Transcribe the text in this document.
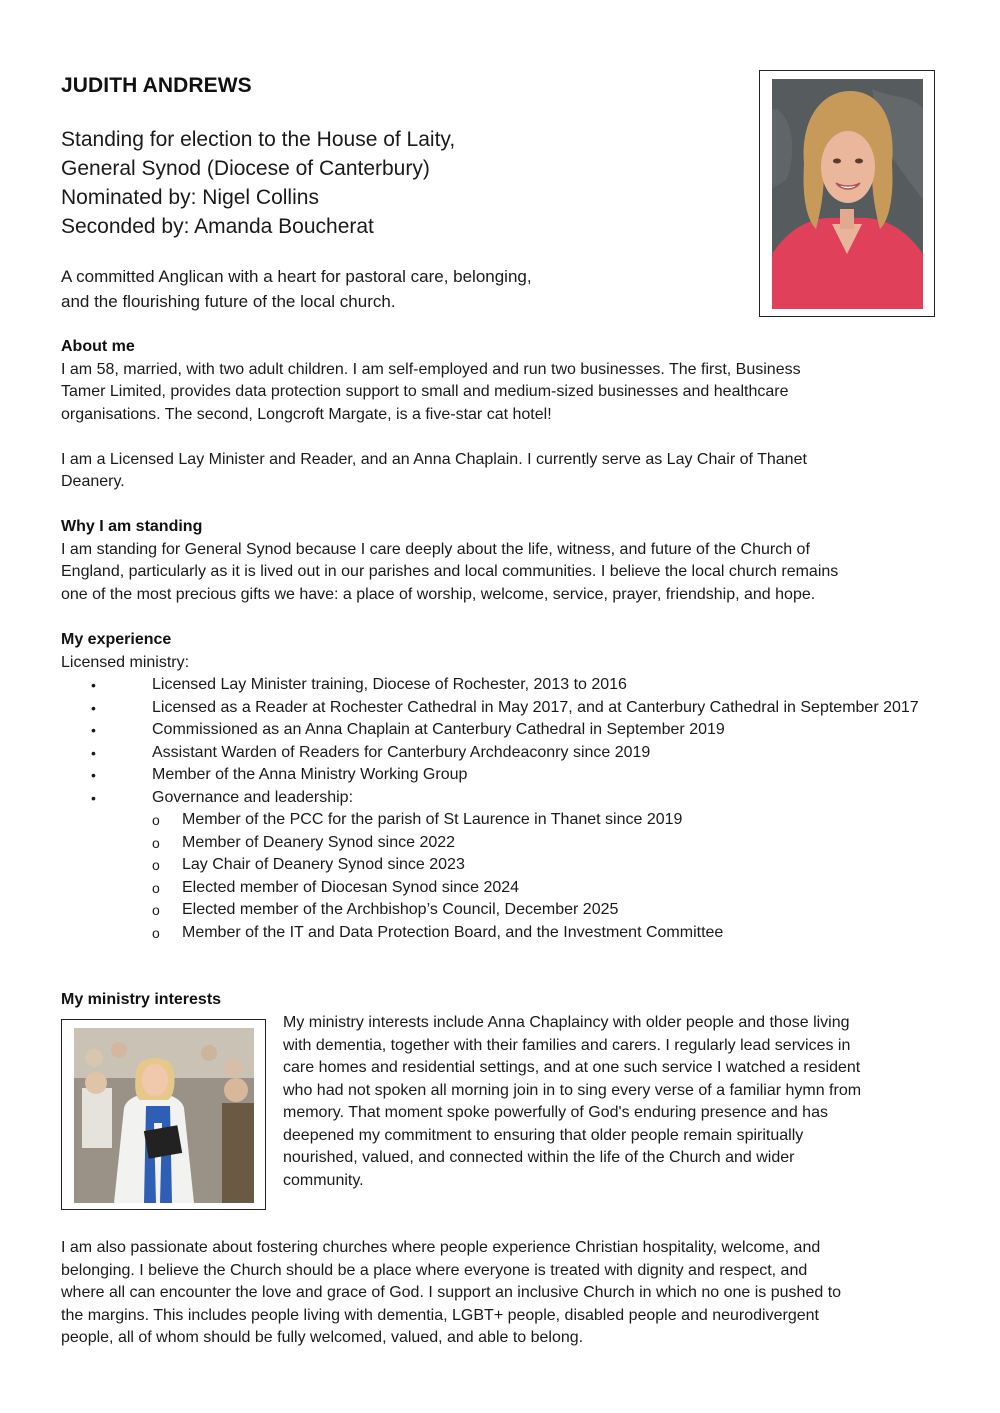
JUDITH ANDREWS
Standing for election to the House of Laity,
General Synod (Diocese of Canterbury)
Nominated by: Nigel Collins
Seconded by: Amanda Boucherat
A committed Anglican with a heart for pastoral care, belonging,
and the flourishing future of the local church.
About me
I am 58, married, with two adult children. I am self-employed and run two businesses. The first, Business
Tamer Limited, provides data protection support to small and medium-sized businesses and healthcare
organisations. The second, Longcroft Margate, is a five-star cat hotel!
I am a Licensed Lay Minister and Reader, and an Anna Chaplain. I currently serve as Lay Chair of Thanet
Deanery.
Why I am standing
I am standing for General Synod because I care deeply about the life, witness, and future of the Church of
England, particularly as it is lived out in our parishes and local communities. I believe the local church remains
one of the most precious gifts we have: a place of worship, welcome, service, prayer, friendship, and hope.
My experience
Licensed ministry:
•	Licensed Lay Minister training, Diocese of Rochester, 2013 to 2016
•	Licensed as a Reader at Rochester Cathedral in May 2017, and at Canterbury Cathedral in September 2017
•	Commissioned as an Anna Chaplain at Canterbury Cathedral in September 2019
•	Assistant Warden of Readers for Canterbury Archdeaconry since 2019
•	Member of the Anna Ministry Working Group
•	Governance and leadership:
o Member of the PCC for the parish of St Laurence in Thanet since 2019
o Member of Deanery Synod since 2022
o Lay Chair of Deanery Synod since 2023
o Elected member of Diocesan Synod since 2024
o Elected member of the Archbishop’s Council, December 2025
o Member of the IT and Data Protection Board, and the Investment Committee
My ministry interests
My ministry interests include Anna Chaplaincy with older people and those living
with dementia, together with their families and carers. I regularly lead services in
care homes and residential settings, and at one such service I watched a resident
who had not spoken all morning join in to sing every verse of a familiar hymn from
memory. That moment spoke powerfully of God's enduring presence and has
deepened my commitment to ensuring that older people remain spiritually
nourished, valued, and connected within the life of the Church and wider
community.
I am also passionate about fostering churches where people experience Christian hospitality, welcome, and
belonging. I believe the Church should be a place where everyone is treated with dignity and respect, and
where all can encounter the love and grace of God. I support an inclusive Church in which no one is pushed to
the margins. This includes people living with dementia, LGBT+ people, disabled people and neurodivergent
people, all of whom should be fully welcomed, valued, and able to belong.
